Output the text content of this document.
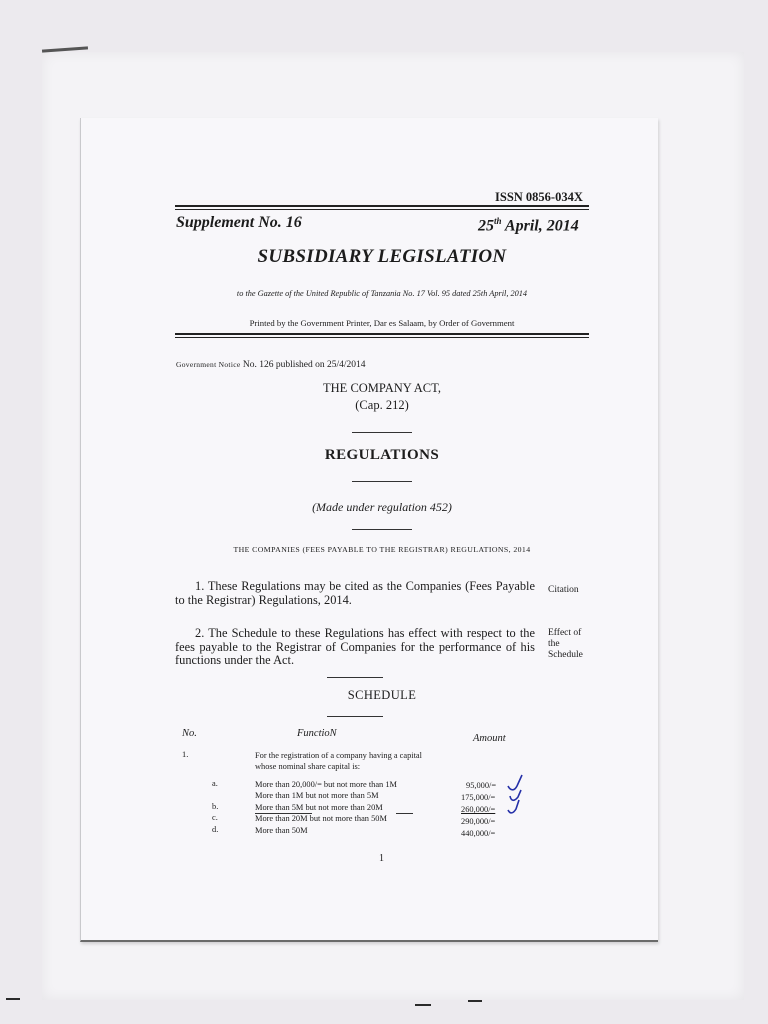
ISSN 0856-034X
Supplement No. 16	25th April, 2014
SUBSIDIARY LEGISLATION
to the Gazette of the United Republic of Tanzania No. 17 Vol. 95 dated 25th April, 2014
Printed by the Government Printer, Dar es Salaam, by Order of Government
Government Notice No. 126 published on 25/4/2014
THE COMPANY ACT,
(Cap. 212)
REGULATIONS
(Made under regulation 452)
THE COMPANIES (FEES PAYABLE TO THE REGISTRAR) REGULATIONS, 2014
1. These Regulations may be cited as the Companies (Fees Payable to the Registrar) Regulations, 2014.
Citation
2. The Schedule to these Regulations has effect with respect to the fees payable to the Registrar of Companies for the performance of his functions under the Act.
Effect of the Schedule
SCHEDULE
No.	FunctioN	Amount
1.	For the registration of a company having a capital whose nominal share capital is:
a.	More than 20,000/= but not more than 1M	95,000/=
More than 1M but not more than 5M	175,000/=
b.	More than 5M but not more than 20M	260,000/=
c.	More than 20M but not more than 50M	290,000/=
d.	More than 50M	440,000/=
1
